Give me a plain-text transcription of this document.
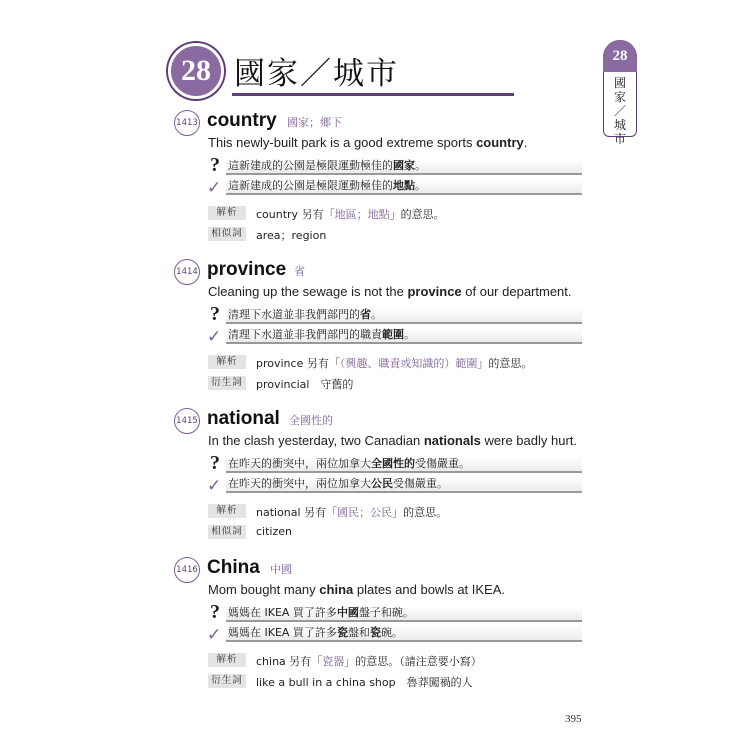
28 國家／城市
28
國
家
／
城
市
1413 country 國家；鄉下
This newly-built park is a good extreme sports country.
? 這新建成的公園是極限運動極佳的國家。
✓ 這新建成的公園是極限運動極佳的地點。
解析	country 另有「地區；地點」的意思。
相似詞 area；region
1414 province 省
Cleaning up the sewage is not the province of our department.
? 清理下水道並非我們部門的省。
✓ 清理下水道並非我們部門的職責範圍。
解析	province 另有「（興趣、職責或知識的）範圍」的意思。
衍生詞 provincial　守舊的
1415 national 全國性的
In the clash yesterday, two Canadian nationals were badly hurt.
? 在昨天的衝突中，兩位加拿大全國性的受傷嚴重。
✓ 在昨天的衝突中，兩位加拿大公民受傷嚴重。
解析	national 另有「國民；公民」的意思。
相似詞 citizen
1416 China 中國
Mom bought many china plates and bowls at IKEA.
? 媽媽在 IKEA 買了許多中國盤子和碗。
✓ 媽媽在 IKEA 買了許多瓷盤和瓷碗。
解析	china 另有「瓷器」的意思。（請注意要小寫）
衍生詞 like a bull in a china shop　魯莽闖禍的人
395
